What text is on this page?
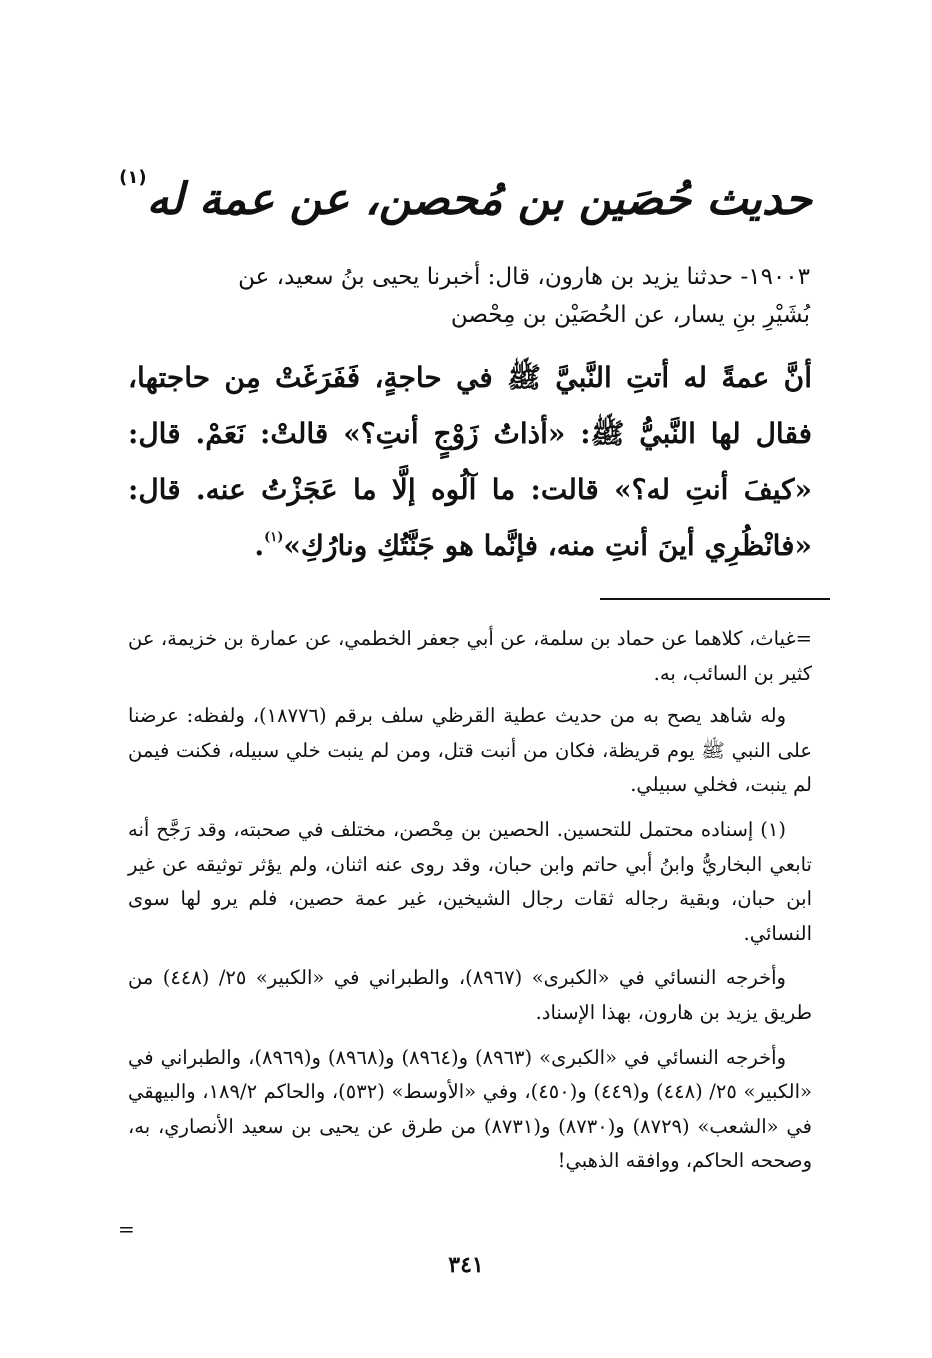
حديث حُصَين بن مُحصن، عن عمة له$^{(١)}$

١٩٠٠٣- حدثنا يزيد بن هارون، قال: أخبرنا يحيى بنُ سعيد، عن

بُشَيْرِ بنِ يسار، عن الحُصَيْن بن مِحْصن

أنَّ عمةً له أتتِ النَّبيَّ ﷺ في حاجةٍ، فَفَرَغَتْ مِن حاجتها، فقال لها النَّبيُّ ﷺ: «أذاتُ زَوْجٍ أنتِ؟» قالتْ: نَعَمْ. قال: «كيفَ أنتِ له؟» قالت: ما آلُوه إلَّا ما عَجَزْتُ عنه. قال: «فانْظُرِي أينَ أنتِ منه، فإنَّما هو جَنَّتُكِ ونارُكِ»$^{(١)}$.

=غياث، كلاهما عن حماد بن سلمة، عن أبي جعفر الخطمي، عن عمارة بن خزيمة، عن كثير بن السائب، به.

وله شاهد يصح به من حديث عطية القرظي سلف برقم (١٨٧٧٦)، ولفظه: عرضنا على النبي ﷺ يوم قريظة، فكان من أنبت قتل، ومن لم ينبت خلي سبيله، فكنت فيمن لم ينبت، فخلي سبيلي.

(١) إسناده محتمل للتحسين. الحصين بن مِحْصن، مختلف في صحبته، وقد رَجَّح أنه تابعي البخاريُّ وابنُ أبي حاتم وابن حبان، وقد روى عنه اثنان، ولم يؤثر توثيقه عن غير ابن حبان، وبقية رجاله ثقات رجال الشيخين، غير عمة حصين، فلم يرو لها سوى النسائي.

وأخرجه النسائي في «الكبرى» (٨٩٦٧)، والطبراني في «الكبير» ٢٥/ (٤٤٨) من طريق يزيد بن هارون، بهذا الإسناد.

وأخرجه النسائي في «الكبرى» (٨٩٦٣) و(٨٩٦٤) و(٨٩٦٨) و(٨٩٦٩)، والطبراني في «الكبير» ٢٥/ (٤٤٨) و(٤٤٩) و(٤٥٠)، وفي «الأوسط» (٥٣٢)، والحاكم ١٨٩/٢، والبيهقي في «الشعب» (٨٧٢٩) و(٨٧٣٠) و(٨٧٣١) من طرق عن يحيى بن سعيد الأنصاري، به، وصححه الحاكم، ووافقه الذهبي!

=
٣٤١
